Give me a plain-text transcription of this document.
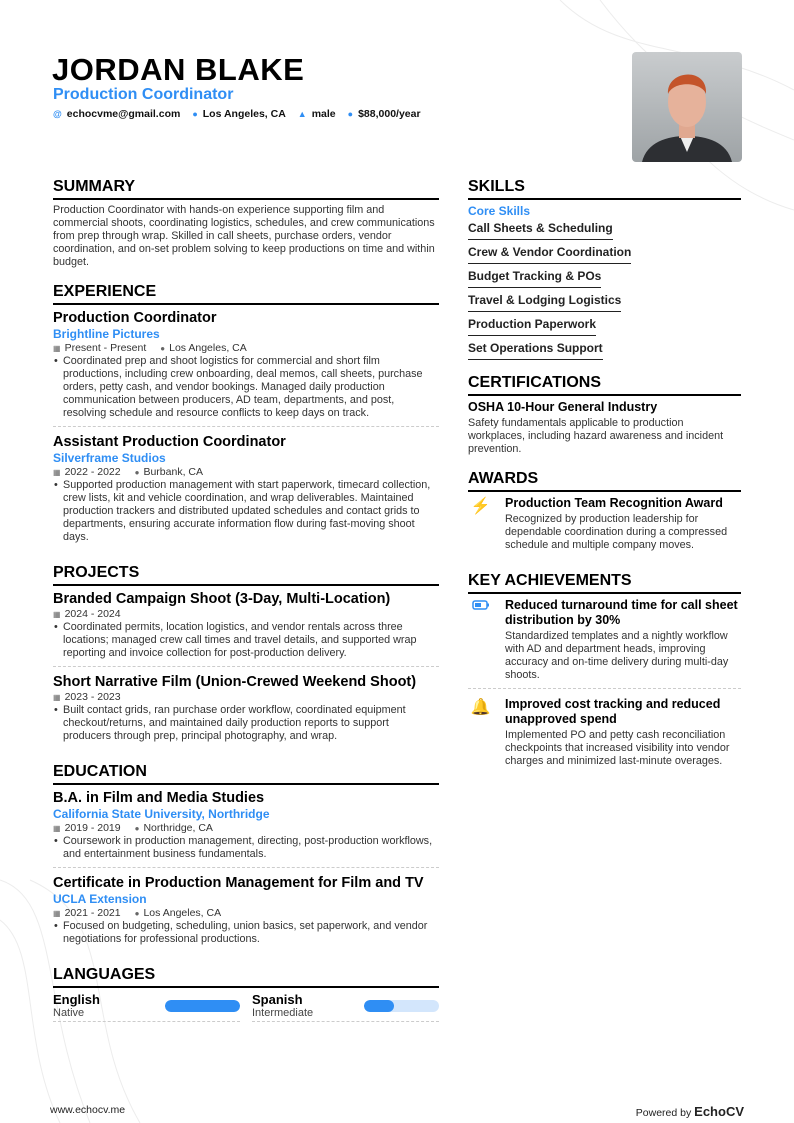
JORDAN BLAKE
Production Coordinator
@ echocvme@gmail.com ● Los Angeles, CA ▲ male ● $88,000/year
SUMMARY

Production Coordinator with hands-on experience supporting film and commercial shoots, coordinating logistics, schedules, and crew communications from prep through wrap. Skilled in call sheets, purchase orders, vendor coordination, and on-set problem solving to keep productions on time and within budget.

EXPERIENCE
Production Coordinator
Brightline Pictures
▦ Present - Present ● Los Angeles, CA
• Coordinated prep and shoot logistics for commercial and short film productions, including crew onboarding, deal memos, call sheets, purchase orders, petty cash, and vendor bookings. Managed daily production communication between producers, AD team, departments, and post, resolving schedule and resource conflicts to keep days on track.
Assistant Production Coordinator
Silverframe Studios
▦ 2022 - 2022 ● Burbank, CA
• Supported production management with start paperwork, timecard collection, crew lists, kit and vehicle coordination, and wrap deliverables. Maintained production trackers and distributed updated schedules and contact grids to departments, ensuring accurate information flow during fast-moving shoot days.
PROJECTS
Branded Campaign Shoot (3-Day, Multi-Location)
▦ 2024 - 2024
• Coordinated permits, location logistics, and vendor rentals across three locations; managed crew call times and travel details, and supported wrap reporting and invoice collection for post-production delivery.
Short Narrative Film (Union-Crewed Weekend Shoot)
▦ 2023 - 2023
• Built contact grids, ran purchase order workflow, coordinated equipment checkout/returns, and maintained daily production reports to support producers through prep, principal photography, and wrap.
EDUCATION
B.A. in Film and Media Studies
California State University, Northridge
▦ 2019 - 2019 ● Northridge, CA
• Coursework in production management, directing, post-production workflows, and entertainment business fundamentals.
Certificate in Production Management for Film and TV
UCLA Extension
▦ 2021 - 2021 ● Los Angeles, CA
• Focused on budgeting, scheduling, union basics, set paperwork, and vendor negotiations for professional productions.
LANGUAGES
English
Native
Spanish
Intermediate
SKILLS
Core Skills
Call Sheets & Scheduling
Crew & Vendor Coordination
Budget Tracking & POs
Travel & Lodging Logistics
Production Paperwork
Set Operations Support
CERTIFICATIONS
OSHA 10-Hour General Industry

Safety fundamentals applicable to production workplaces, including hazard awareness and incident prevention.

AWARDS
⚡ Production Team Recognition Award

Recognized by production leadership for dependable coordination during a compressed schedule and multiple company moves.

KEY ACHIEVEMENTS
Reduced turnaround time for call sheet distribution by 30%

Standardized templates and a nightly workflow with AD and department heads, improving accuracy and on-time delivery during multi-day shoots.

🔔 Improved cost tracking and reduced unapproved spend

Implemented PO and petty cash reconciliation checkpoints that increased visibility into vendor charges and minimized last-minute overages.

www.echocv.me	Powered by EchoCV
